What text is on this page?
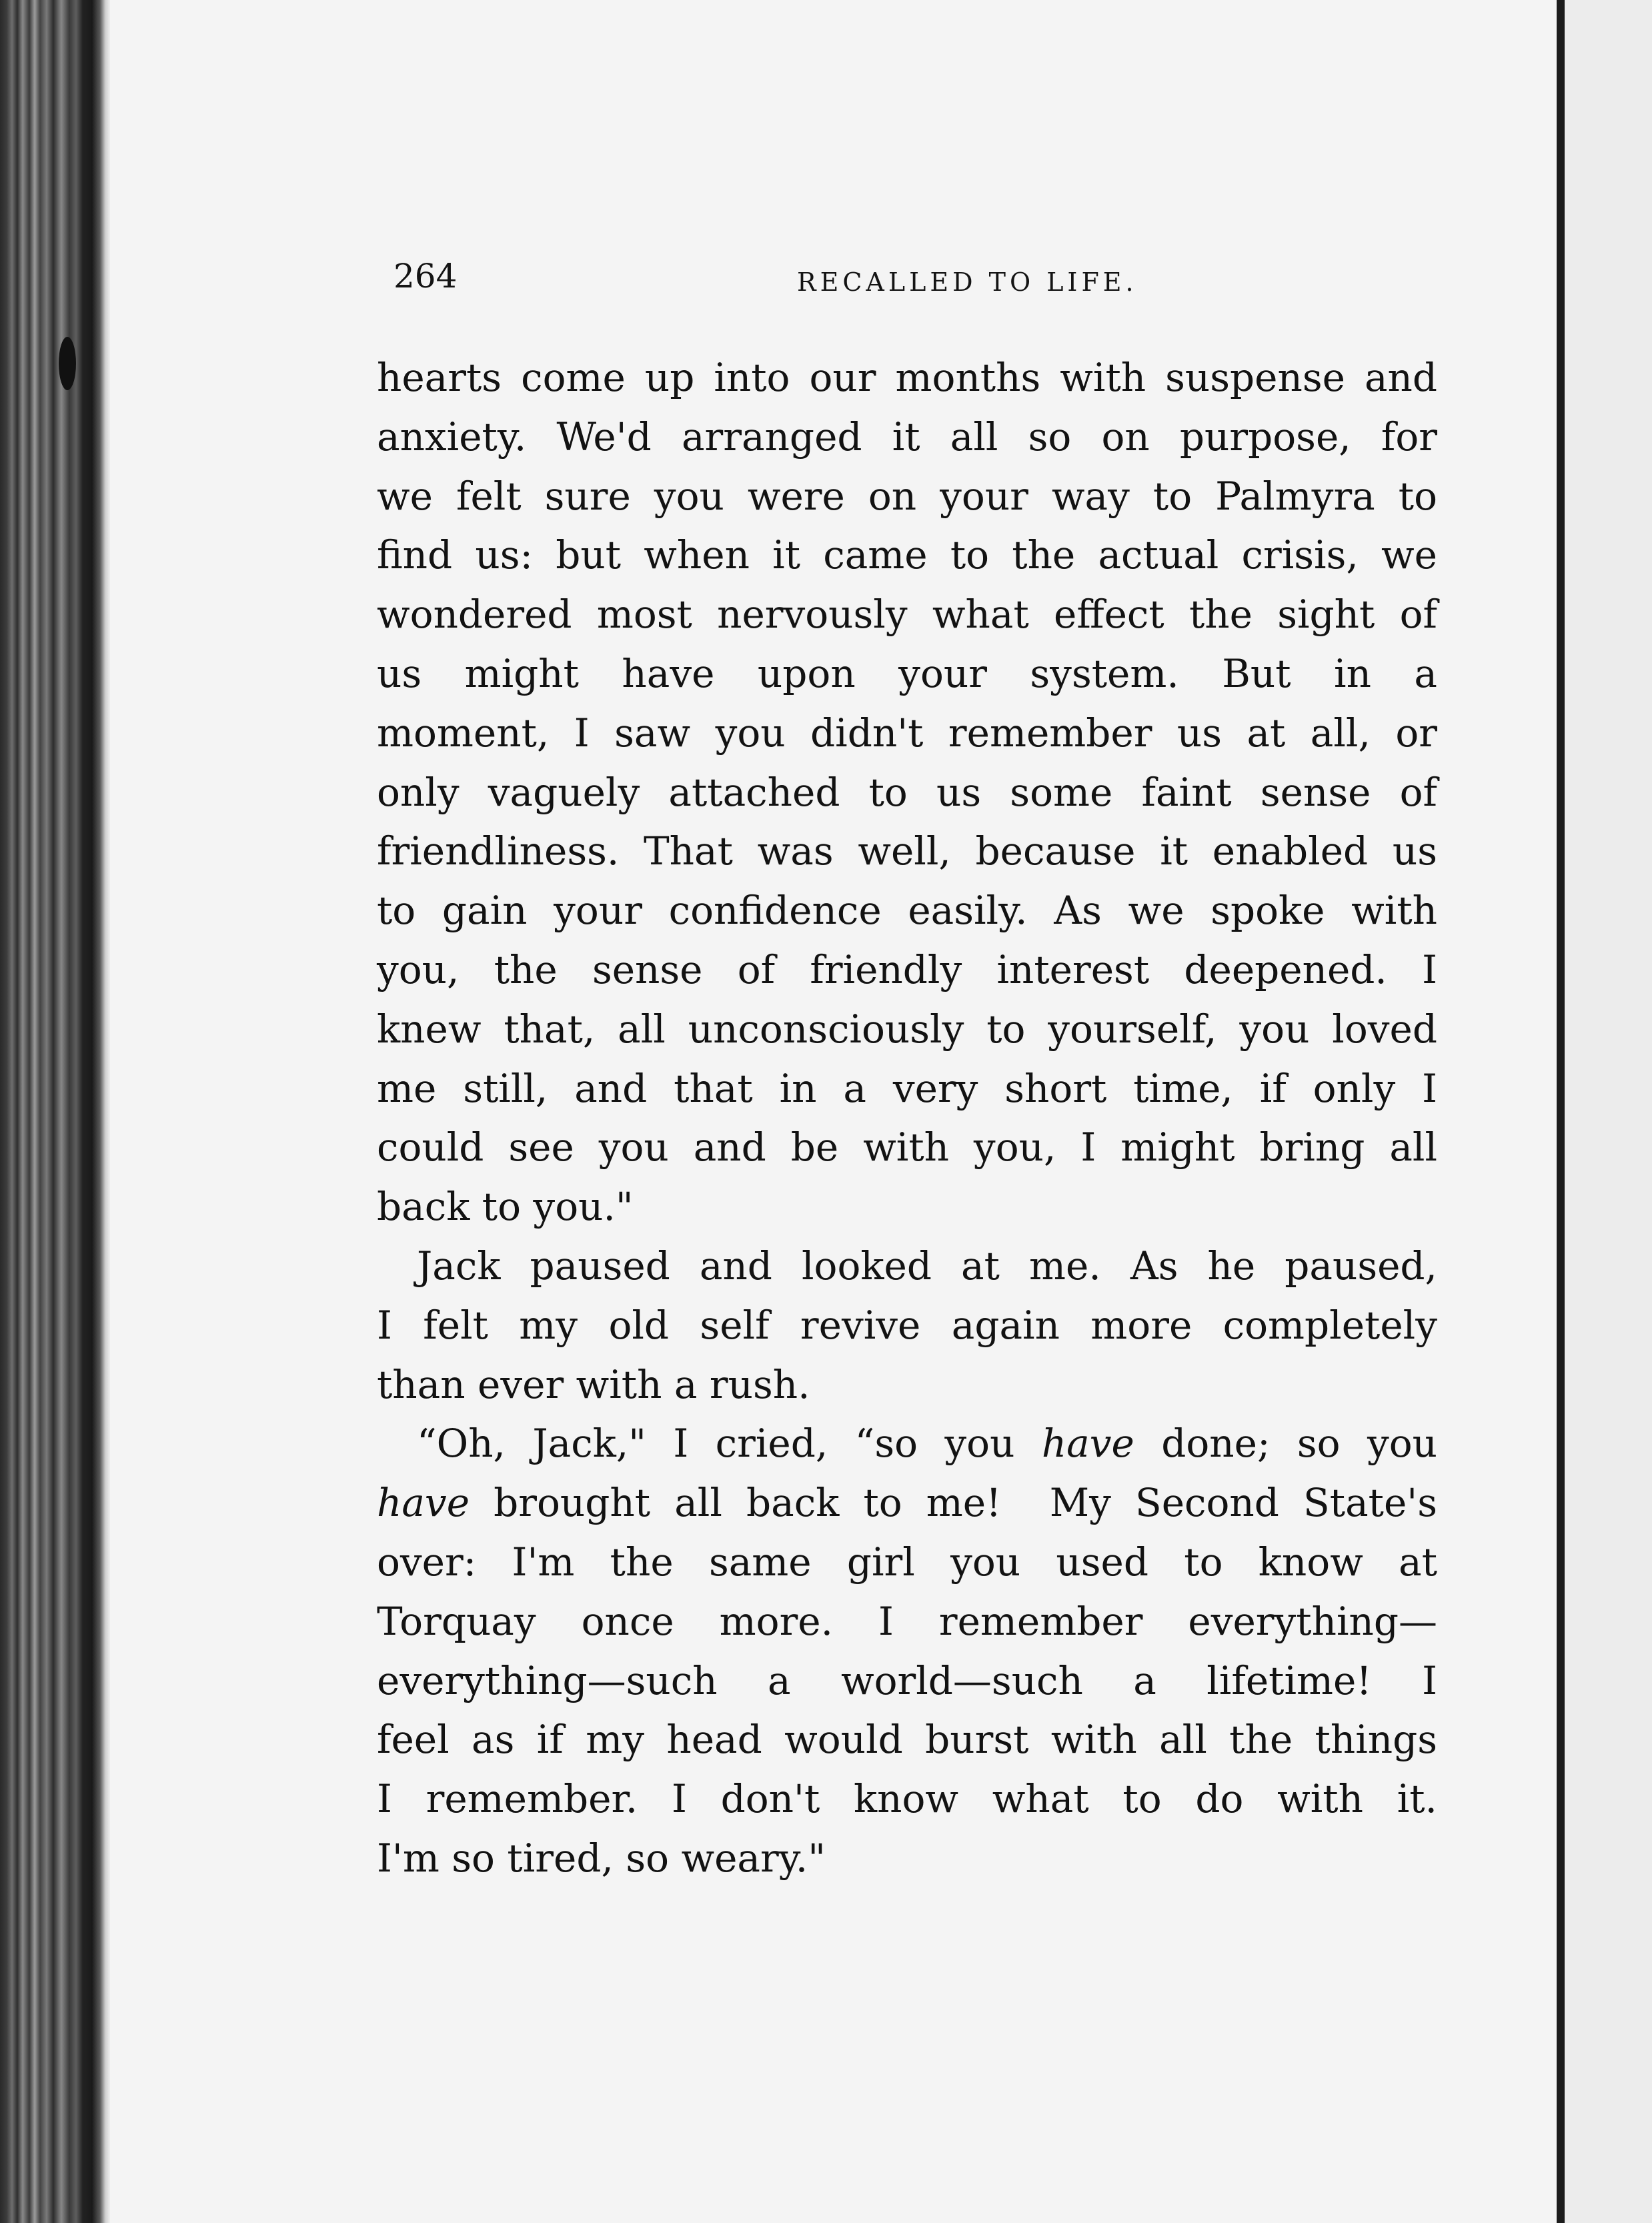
264	RECALLED TO LIFE.
hearts come up into our months with suspense and
anxiety. We'd arranged it all so on purpose, for
we felt sure you were on your way to Palmyra to
find us: but when it came to the actual crisis, we
wondered most nervously what effect the sight of
us might have upon your system. But in a
moment, I saw you didn't remember us at all, or
only vaguely attached to us some faint sense of
friendliness. That was well, because it enabled us
to gain your confidence easily. As we spoke with
you, the sense of friendly interest deepened. I
knew that, all unconsciously to yourself, you loved
me still, and that in a very short time, if only I
could see you and be with you, I might bring all
back to you."
Jack paused and looked at me. As he paused,
I felt my old self revive again more completely
than ever with a rush.
“Oh, Jack," I cried, “so you have done; so you
have brought all back to me!  My Second State's
over: I'm the same girl you used to know at
Torquay once more. I remember everything—
everything—such a world—such a lifetime! I
feel as if my head would burst with all the things
I remember. I don't know what to do with it.
I'm so tired, so weary."
